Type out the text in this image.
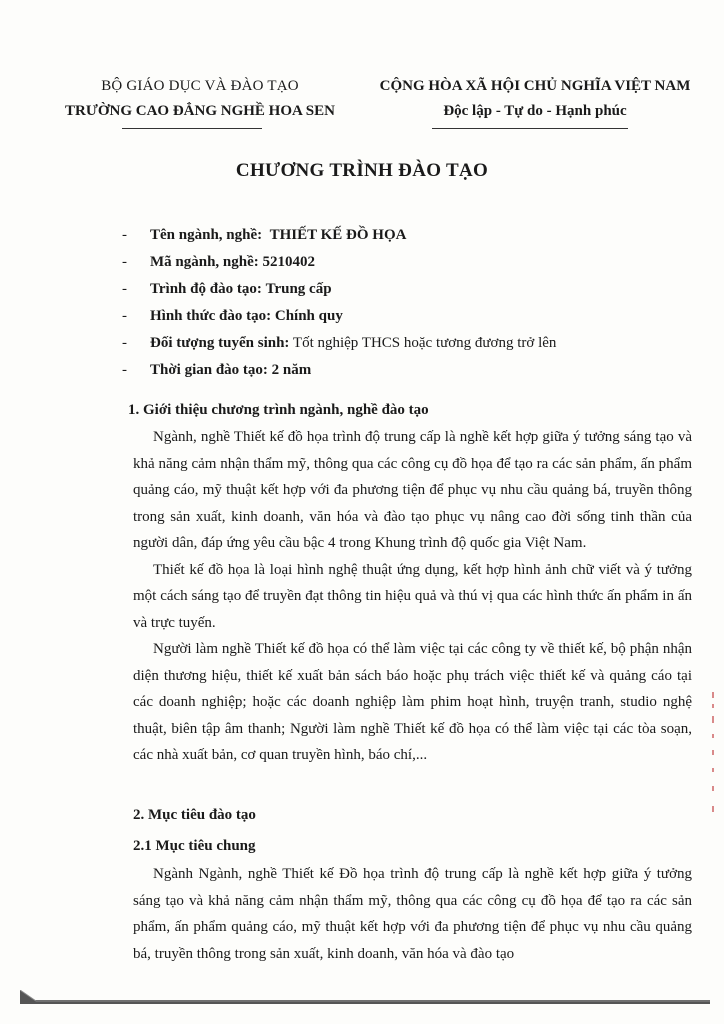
BỘ GIÁO DỤC VÀ ĐÀO TẠO
TRƯỜNG CAO ĐẲNG NGHỀ HOA SEN
CỘNG HÒA XÃ HỘI CHỦ NGHĨA VIỆT NAM
Độc lập - Tự do - Hạnh phúc
CHƯƠNG TRÌNH ĐÀO TẠO
- Tên ngành, nghề: THIẾT KẾ ĐỒ HỌA
- Mã ngành, nghề: 5210402
- Trình độ đào tạo: Trung cấp
- Hình thức đào tạo: Chính quy
- Đối tượng tuyển sinh: Tốt nghiệp THCS hoặc tương đương trở lên
- Thời gian đào tạo: 2 năm

1. Giới thiệu chương trình ngành, nghề đào tạo

Ngành, nghề Thiết kế đồ họa trình độ trung cấp là nghề kết hợp giữa ý tưởng sáng tạo và khả năng cảm nhận thẩm mỹ, thông qua các công cụ đồ họa để tạo ra các sản phẩm, ấn phẩm quảng cáo, mỹ thuật kết hợp với đa phương tiện để phục vụ nhu cầu quảng bá, truyền thông trong sản xuất, kinh doanh, văn hóa và đào tạo phục vụ nâng cao đời sống tinh thần của người dân, đáp ứng yêu cầu bậc 4 trong Khung trình độ quốc gia Việt Nam.

Thiết kế đồ họa là loại hình nghệ thuật ứng dụng, kết hợp hình ảnh chữ viết và ý tưởng một cách sáng tạo để truyền đạt thông tin hiệu quả và thú vị qua các hình thức ấn phẩm in ấn và trực tuyến.

Người làm nghề Thiết kế đồ họa có thể làm việc tại các công ty về thiết kế, bộ phận nhận diện thương hiệu, thiết kế xuất bản sách báo hoặc phụ trách việc thiết kế và quảng cáo tại các doanh nghiệp; hoặc các doanh nghiệp làm phim hoạt hình, truyện tranh, studio nghệ thuật, biên tập âm thanh; Người làm nghề Thiết kế đồ họa có thể làm việc tại các tòa soạn, các nhà xuất bản, cơ quan truyền hình, báo chí,...

2. Mục tiêu đào tạo

2.1 Mục tiêu chung

Ngành Ngành, nghề Thiết kế Đồ họa trình độ trung cấp là nghề kết hợp giữa ý tưởng sáng tạo và khả năng cảm nhận thẩm mỹ, thông qua các công cụ đồ họa để tạo ra các sản phẩm, ấn phẩm quảng cáo, mỹ thuật kết hợp với đa phương tiện để phục vụ nhu cầu quảng bá, truyền thông trong sản xuất, kinh doanh, văn hóa và đào tạo
